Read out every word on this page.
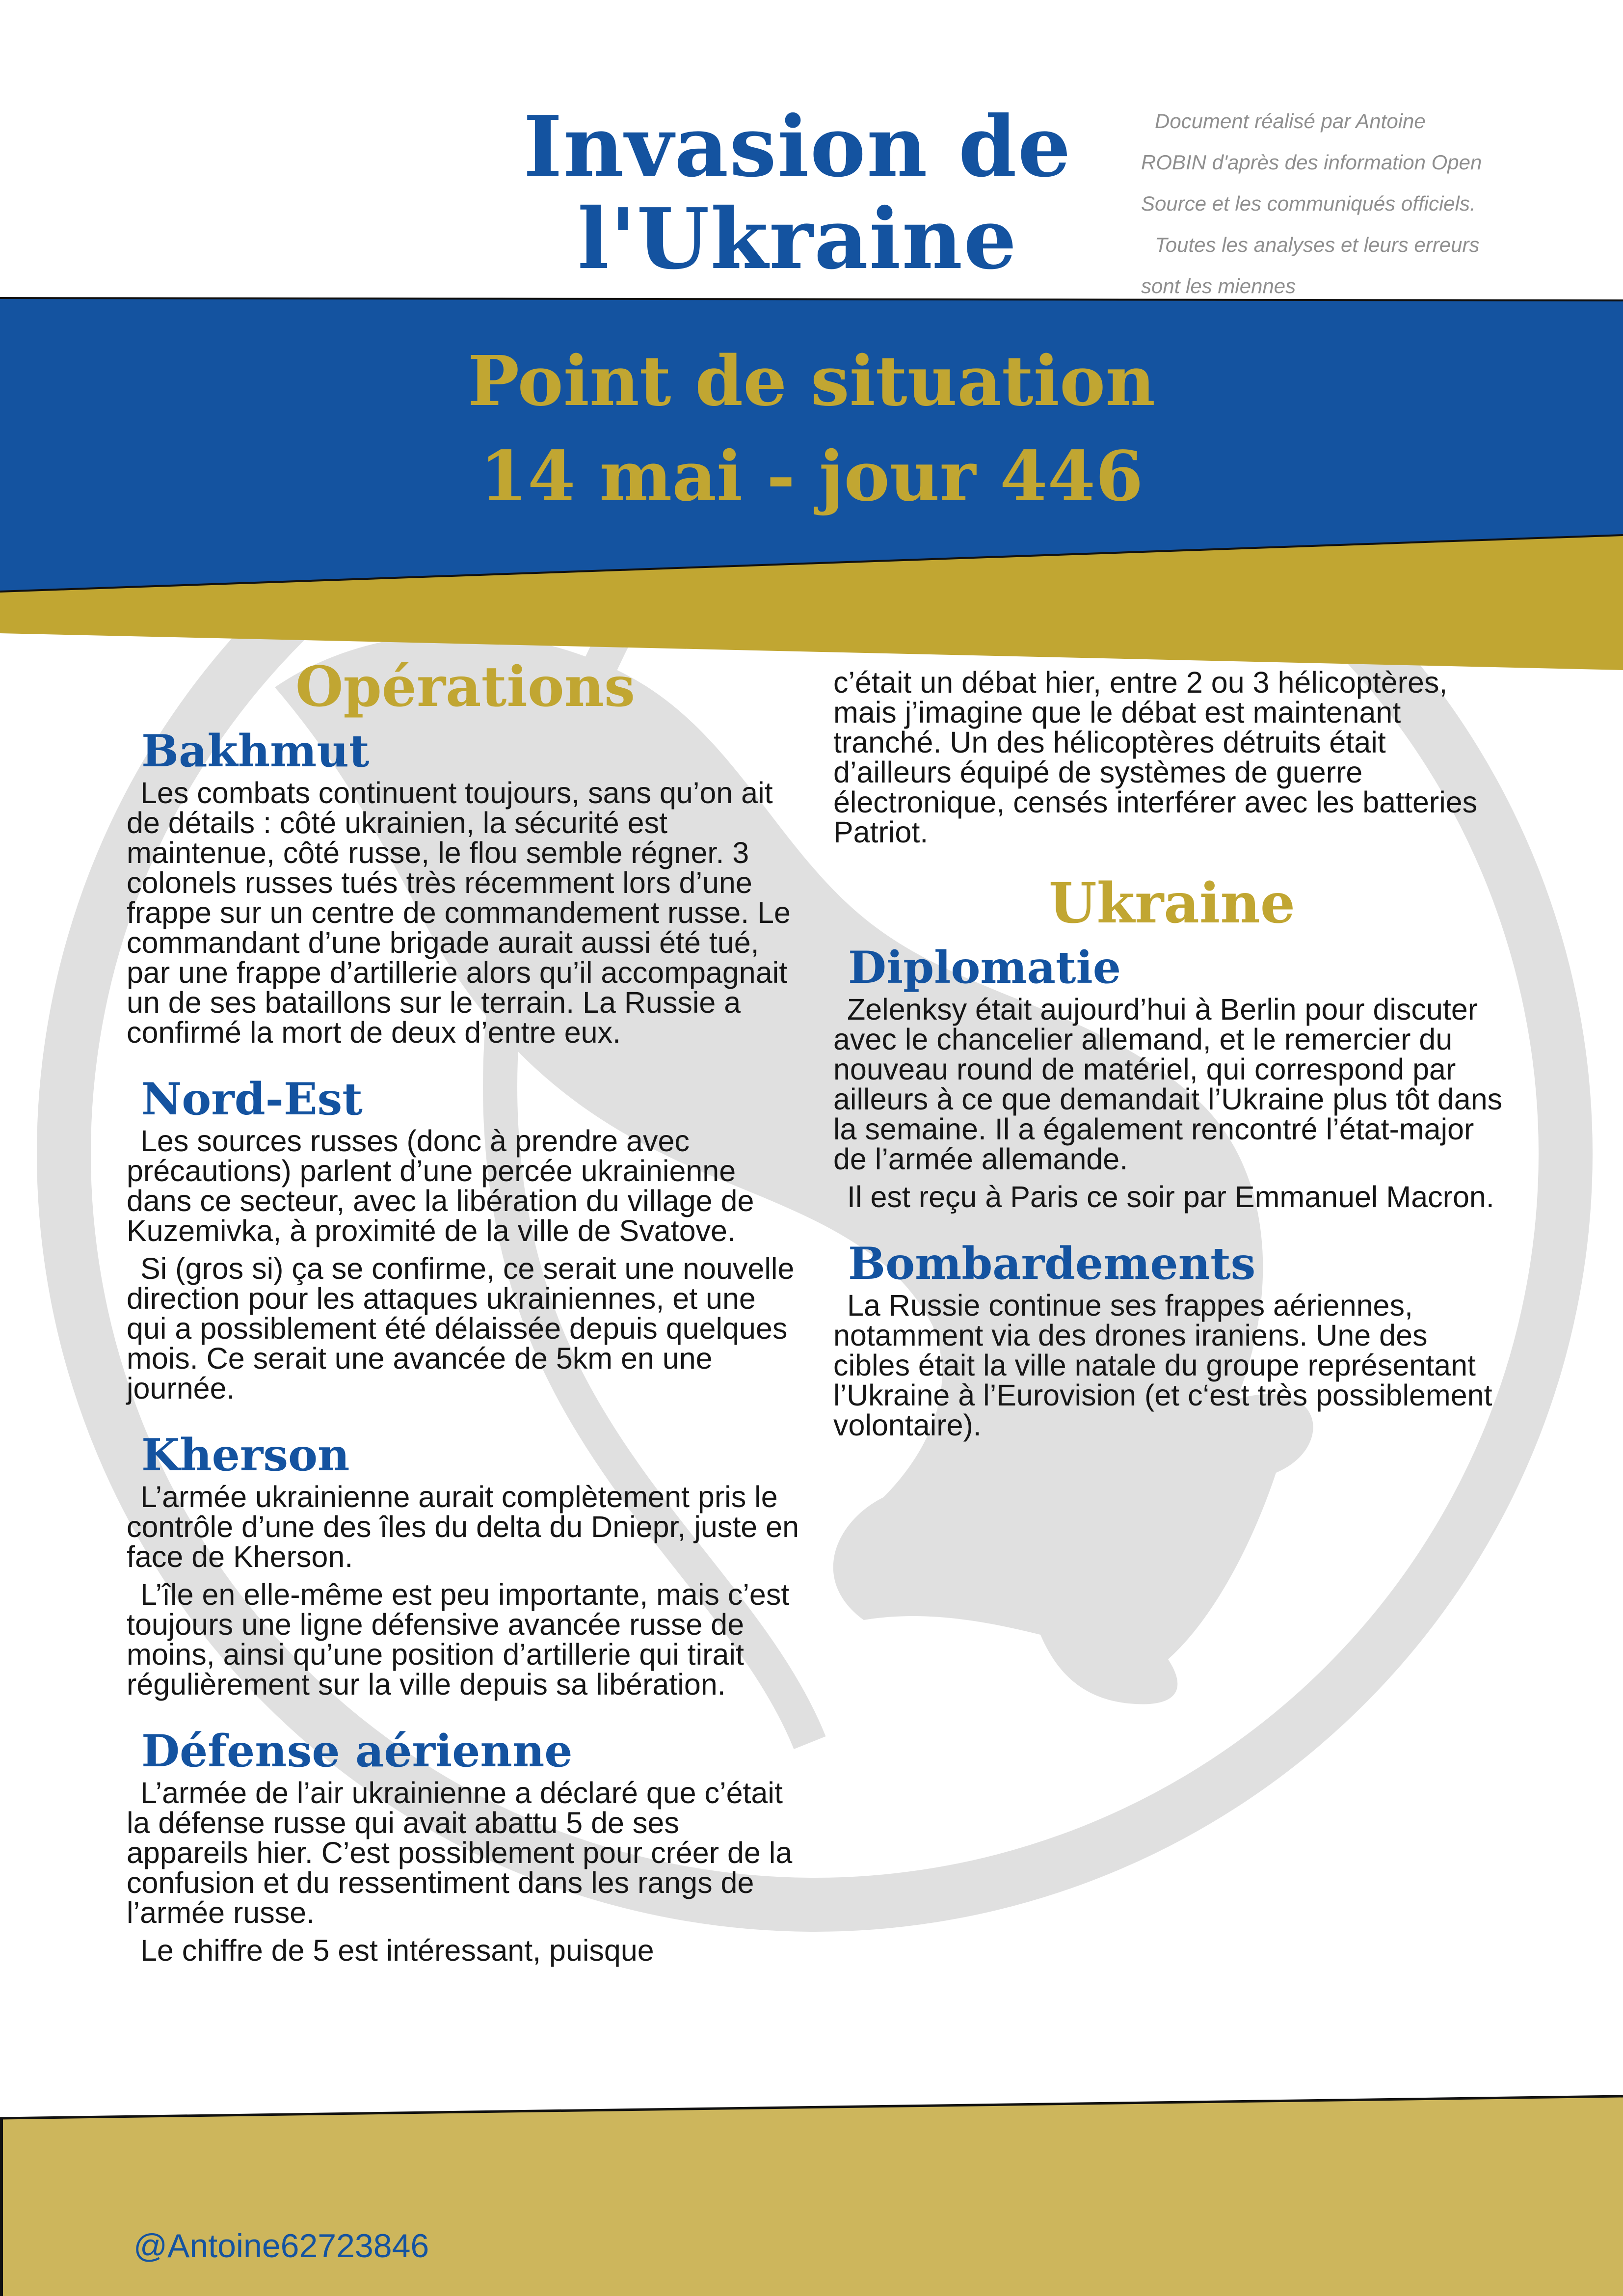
Invasion de
l'Ukraine

Document réalisé par Antoine

ROBIN d'après des information Open

Source et les communiqués officiels.

Toutes les analyses et leurs erreurs

sont les miennes

Point de situation
14 mai - jour 446
Opérations
Bakhmut

Les combats continuent toujours, sans qu’on ait de détails : côté ukrainien, la sécurité est maintenue, côté russe, le flou semble régner. 3 colonels russes tués très récemment lors d’une frappe sur un centre de commandement russe. Le commandant d’une brigade aurait aussi été tué, par une frappe d’artillerie alors qu’il accompagnait un de ses bataillons sur le terrain. La Russie a confirmé la mort de deux d’entre eux.

Nord-Est

Les sources russes (donc à prendre avec précautions) parlent d’une percée ukrainienne dans ce secteur, avec la libération du village de Kuzemivka, à proximité de la ville de Svatove.

Si (gros si) ça se confirme, ce serait une nouvelle direction pour les attaques ukrainiennes, et une qui a possiblement été délaissée depuis quelques mois. Ce serait une avancée de 5km en une journée.

Kherson

L’armée ukrainienne aurait complètement pris le contrôle d’une des îles du delta du Dniepr, juste en face de Kherson.

L’île en elle-même est peu importante, mais c’est toujours une ligne défensive avancée russe de moins, ainsi qu’une position d’artillerie qui tirait régulièrement sur la ville depuis sa libération.

Défense aérienne

L’armée de l’air ukrainienne a déclaré que c’était la défense russe qui avait abattu 5 de ses appareils hier. C’est possiblement pour créer de la confusion et du ressentiment dans les rangs de l’armée russe.

Le chiffre de 5 est intéressant, puisque

c’était un débat hier, entre 2 ou 3 hélicoptères, mais j’imagine que le débat est maintenant tranché. Un des hélicoptères détruits était d’ailleurs équipé de systèmes de guerre électronique, censés interférer avec les batteries Patriot.

Ukraine
Diplomatie

Zelenksy était aujourd’hui à Berlin pour discuter avec le chancelier allemand, et le remercier du nouveau round de matériel, qui correspond par ailleurs à ce que demandait l’Ukraine plus tôt dans la semaine. Il a également rencontré l’état-major de l’armée allemande.

Il est reçu à Paris ce soir par Emmanuel Macron.

Bombardements

La Russie continue ses frappes aériennes, notamment via des drones iraniens. Une des cibles était la ville natale du groupe représentant l’Ukraine à l’Eurovision (et c‘est très possiblement volontaire).

@Antoine62723846
